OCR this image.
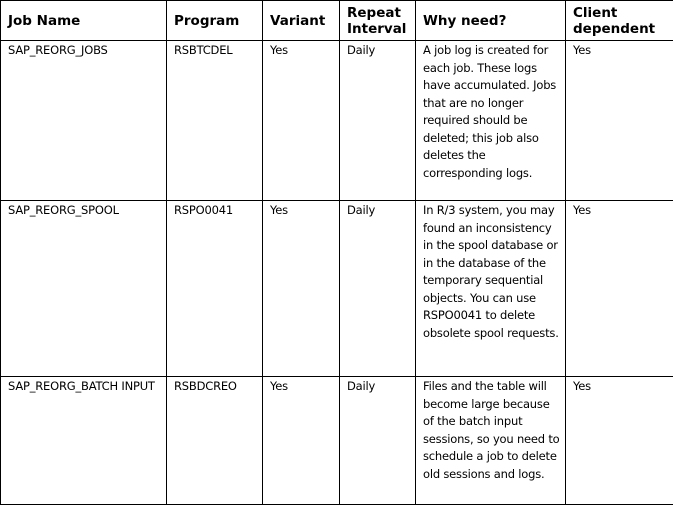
Job Name	Program	Variant	Repeat Interval	Why need?	Client dependent
SAP_REORG_JOBS	RSBTCDEL	Yes	Daily	A job log is created for each job. These logs have accumulated. Jobs that are no longer required should be deleted; this job also deletes the corresponding logs.	Yes
SAP_REORG_SPOOL	RSPO0041	Yes	Daily	In R/3 system, you may found an inconsistency in the spool database or in the database of the temporary sequential objects. You can use RSPO0041 to delete obsolete spool requests.	Yes
SAP_REORG_BATCH INPUT	RSBDCREO	Yes	Daily	Files and the table will become large because of the batch input sessions, so you need to schedule a job to delete old sessions and logs.	Yes
